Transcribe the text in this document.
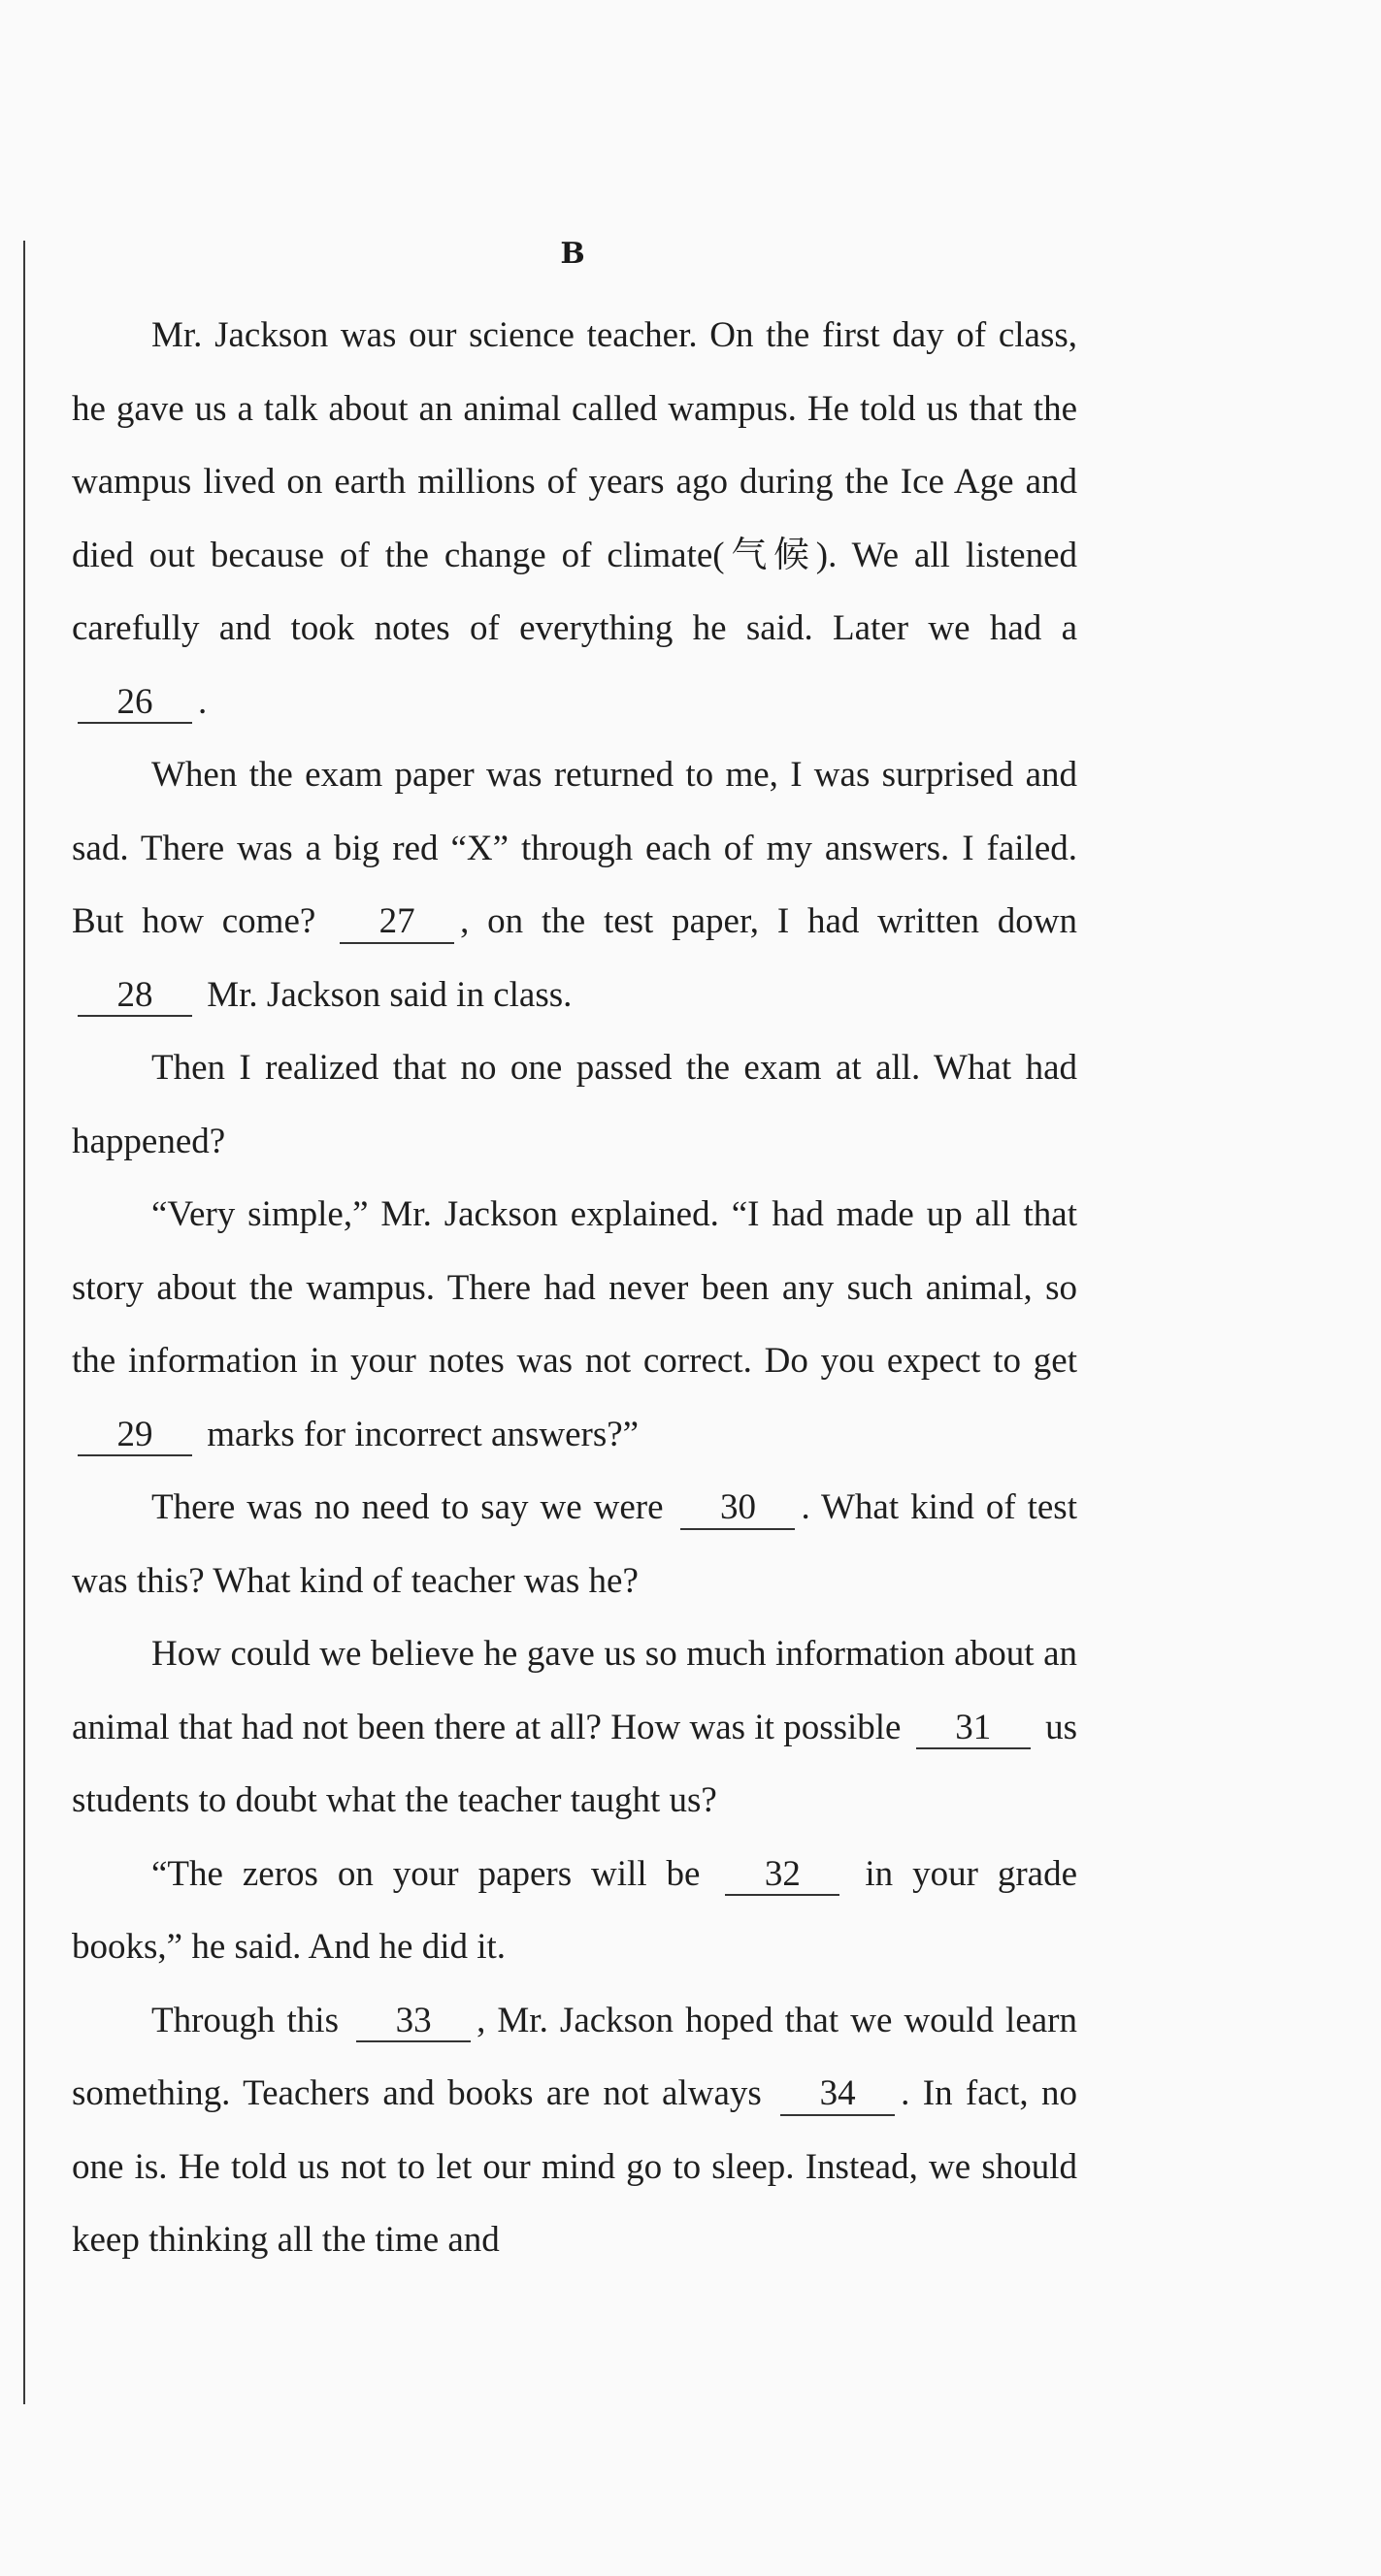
B

Mr. Jackson was our science teacher. On the first day of class, he gave us a talk about an animal called wampus. He told us that the wampus lived on earth millions of years ago during the Ice Age and died out because of the change of climate(气候). We all listened carefully and took notes of everything he said. Later we had a 26 .

When the exam paper was returned to me, I was surprised and sad. There was a big red “X” through each of my answers. I failed. But how come? 27 , on the test paper, I had written down 28 Mr. Jackson said in class.

Then I realized that no one passed the exam at all. What had happened?

“Very simple,” Mr. Jackson explained. “I had made up all that story about the wampus. There had never been any such animal, so the information in your notes was not correct. Do you expect to get 29 marks for incorrect answers?”

There was no need to say we were 30 . What kind of test was this? What kind of teacher was he?

How could we believe he gave us so much information about an animal that had not been there at all? How was it possible 31 us students to doubt what the teacher taught us?

“The zeros on your papers will be 32 in your grade books,” he said. And he did it.

Through this 33 , Mr. Jackson hoped that we would learn something. Teachers and books are not always 34 . In fact, no one is. He told us not to let our mind go to sleep. Instead, we should keep thinking all the time and
